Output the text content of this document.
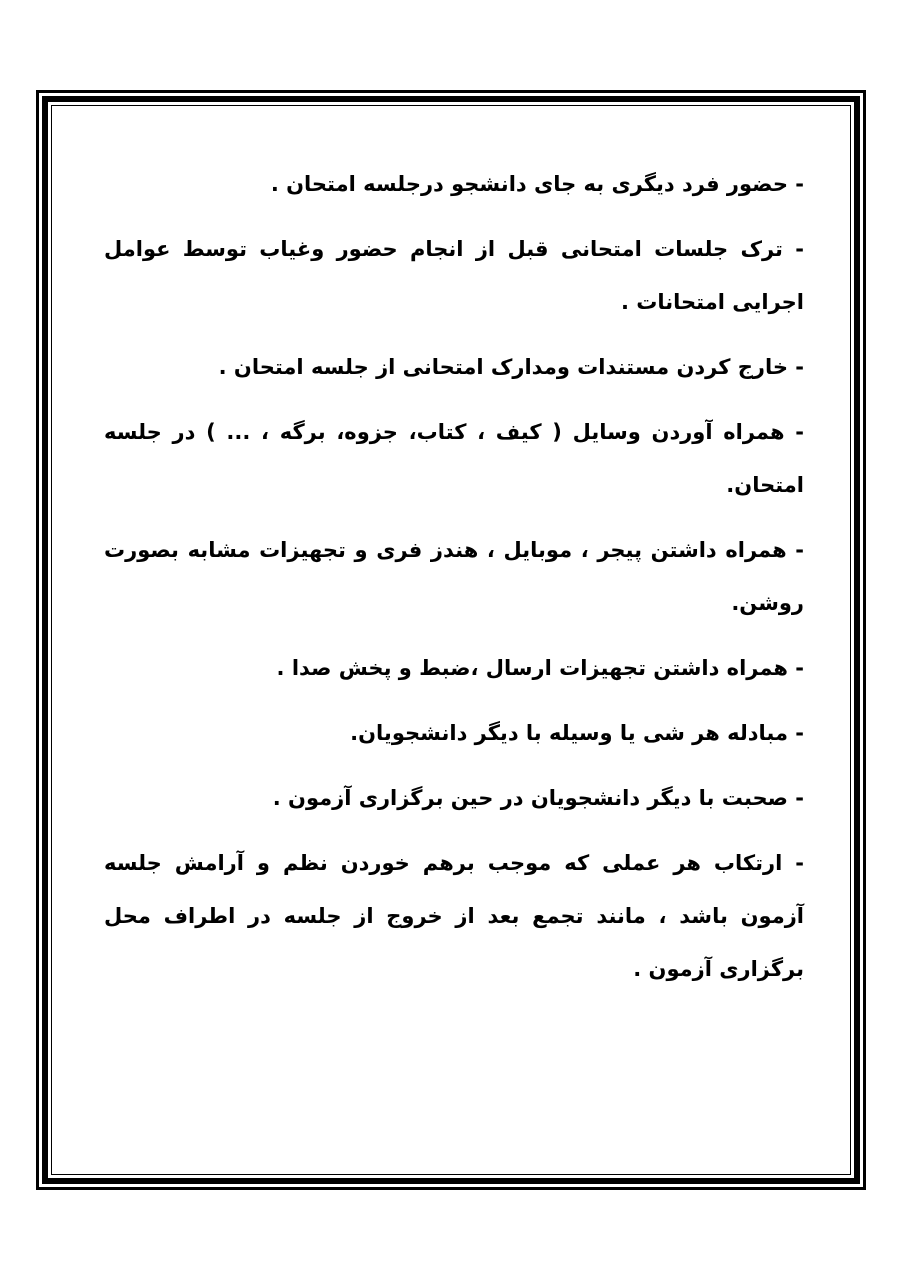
- حضور فرد دیگری به جای دانشجو درجلسه امتحان .

- ترک جلسات امتحانی قبل از انجام حضور وغیاب توسط عوامل اجرایی امتحانات .

- خارج کردن مستندات ومدارک امتحانی از جلسه امتحان .

- همراه آوردن وسایل ( کیف ، کتاب، جزوه، برگه ، ... ) در جلسه امتحان.

- همراه داشتن پیجر ، موبایل ، هندز فری و تجهیزات مشابه بصورت روشن.

- همراه داشتن تجهیزات ارسال ،ضبط و پخش صدا .

- مبادله هر شی یا وسیله با دیگر دانشجویان.

- صحبت با دیگر دانشجویان در حین برگزاری آزمون .

- ارتکاب هر عملی که موجب برهم خوردن نظم و آرامش جلسه آزمون باشد ، مانند تجمع بعد از خروج از جلسه در اطراف محل برگزاری آزمون .
